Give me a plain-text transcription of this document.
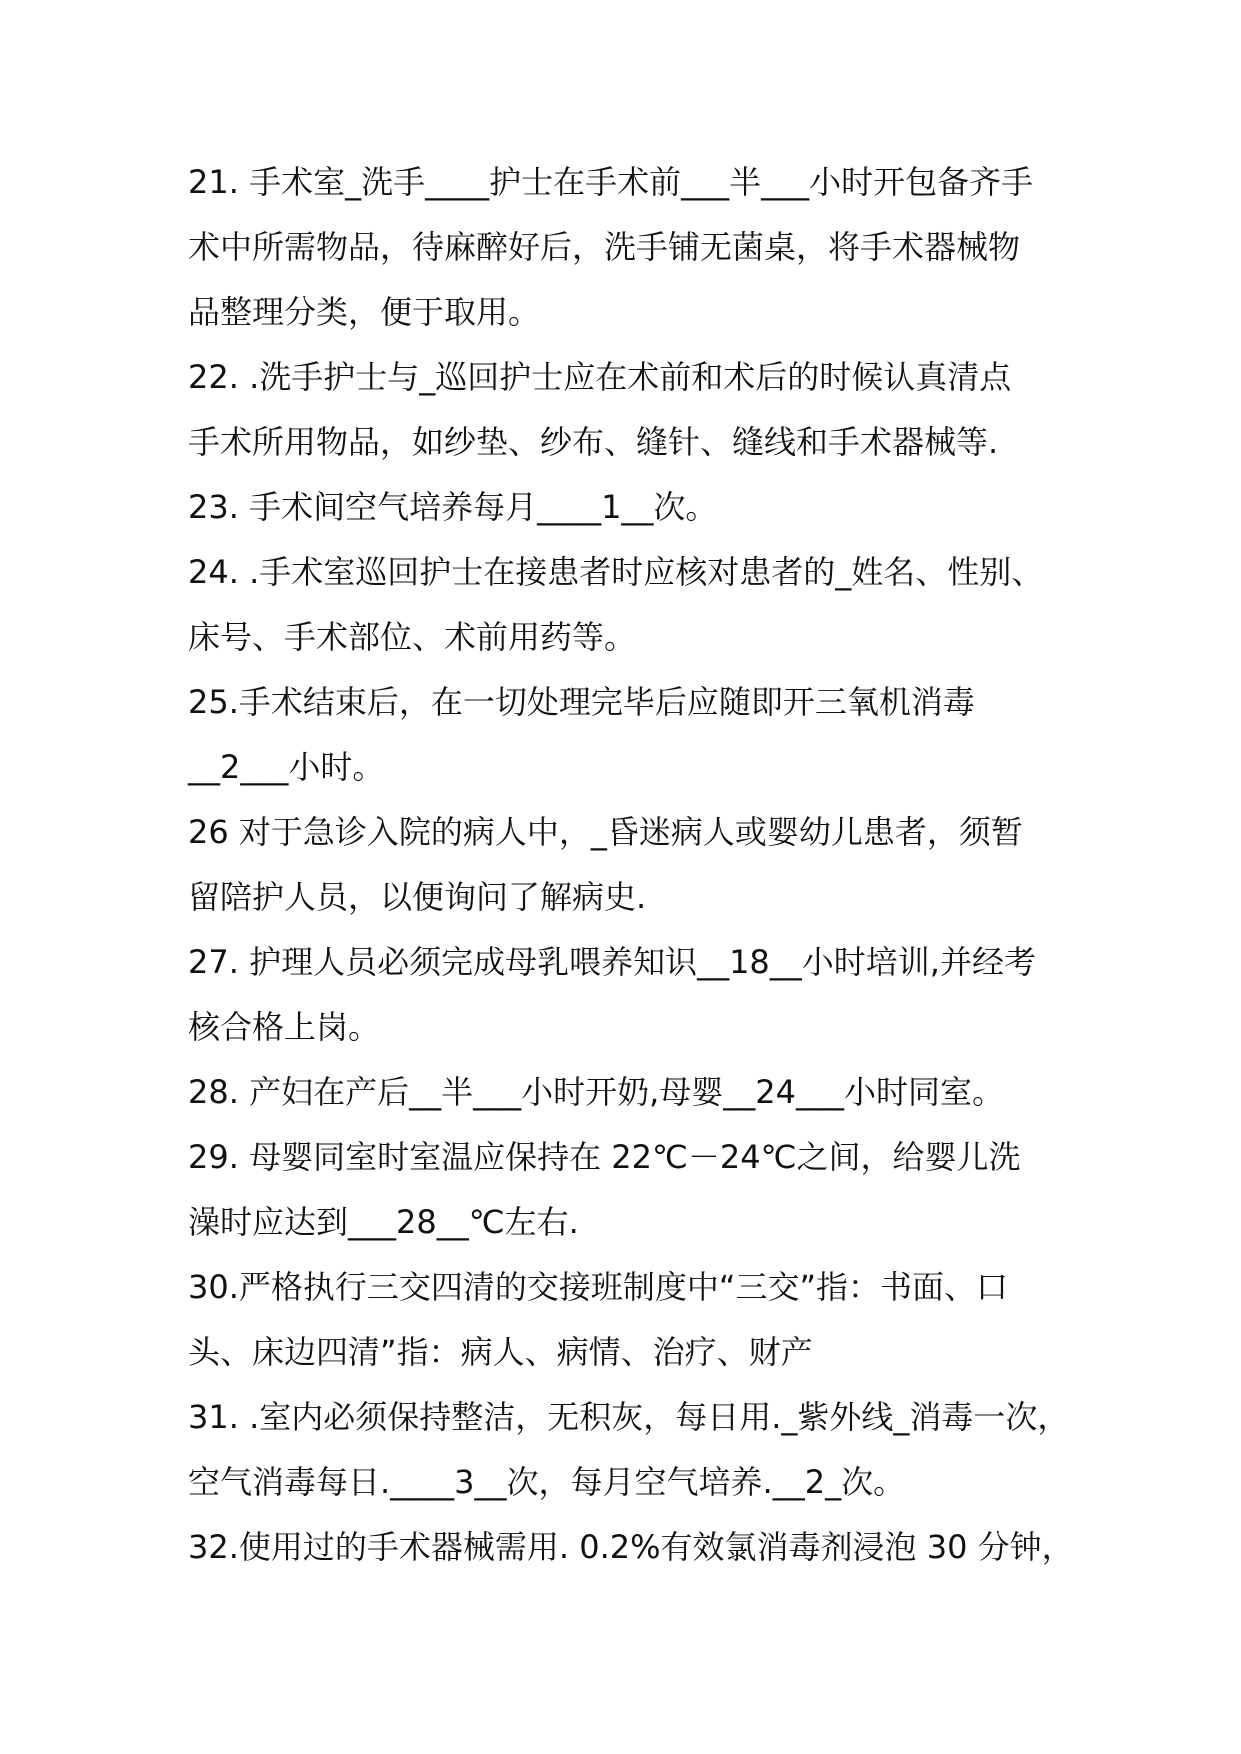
21. 手术室_洗手____护士在手术前___半___小时开包备齐手
术中所需物品，待麻醉好后，洗手铺无菌桌，将手术器械物
品整理分类，便于取用。
22. .洗手护士与_巡回护士应在术前和术后的时候认真清点
手术所用物品，如纱垫、纱布、缝针、缝线和手术器械等.
23. 手术间空气培养每月____1__次。
24. .手术室巡回护士在接患者时应核对患者的_姓名、性别、
床号、手术部位、术前用药等。
25.手术结束后，在一切处理完毕后应随即开三氧机消毒
__2___小时。
26 对于急诊入院的病人中，_昏迷病人或婴幼儿患者，须暂
留陪护人员，以便询问了解病史.
27. 护理人员必须完成母乳喂养知识__18__小时培训,并经考
核合格上岗。
28. 产妇在产后__半___小时开奶,母婴__24___小时同室。
29. 母婴同室时室温应保持在 22℃－24℃之间，给婴儿洗
澡时应达到___28__℃左右.
30.严格执行三交四清的交接班制度中“三交”指：书面、口
头、床边四清”指：病人、病情、治疗、财产
31. .室内必须保持整洁，无积灰，每日用._紫外线_消毒一次，
空气消毒每日.____3__次，每月空气培养.__2_次。
32.使用过的手术器械需用. 0.2%有效氯消毒剂浸泡 30 分钟，
